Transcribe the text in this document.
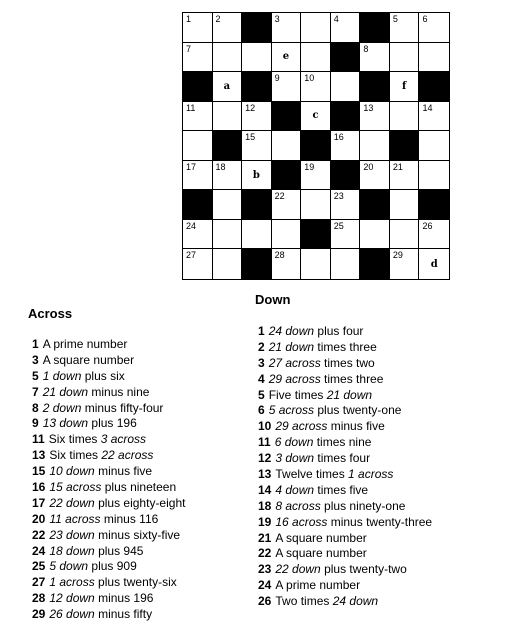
1	2	3	4	5	6
7
e
8
a
9	10
f
11	12
c
13	14
15	16
17 18
b
19	20 21
22	23
24	25	26
27	28	29
d
Across
1 A prime number
3 A square number
5 1 down plus six
7 21 down minus nine
8 2 down minus fifty-four
9 13 down plus 196
11 Six times 3 across
13 Six times 22 across
15 10 down minus five
16 15 across plus nineteen
17 22 down plus eighty-eight
20 11 across minus 116
22 23 down minus sixty-five
24 18 down plus 945
25 5 down plus 909
27 1 across plus twenty-six
28 12 down minus 196
29 26 down minus fifty
Down
1 24 down plus four
2 21 down times three
3 27 across times two
4 29 across times three
5 Five times 21 down
6 5 across plus twenty-one
10 29 across minus five
11 6 down times nine
12 3 down times four
13 Twelve times 1 across
14 4 down times five
18 8 across plus ninety-one
19 16 across minus twenty-three
21 A square number
22 A square number
23 22 down plus twenty-two
24 A prime number
26 Two times 24 down
